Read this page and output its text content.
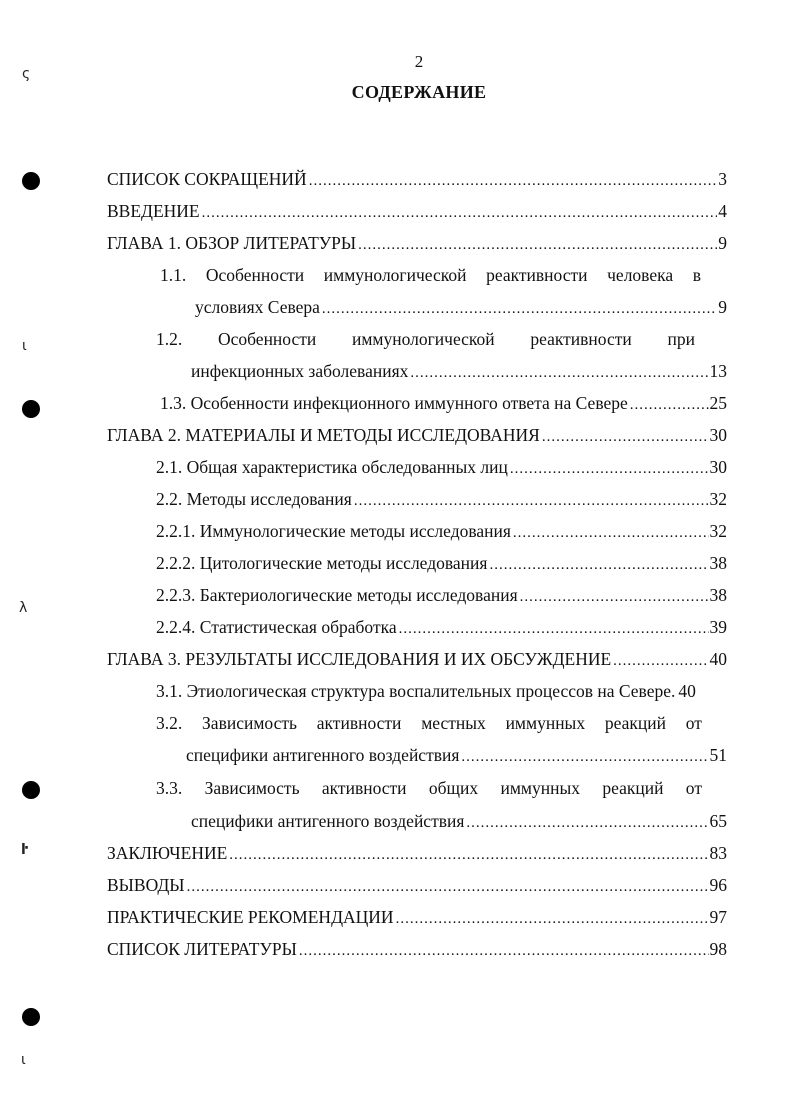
2
СОДЕРЖАНИЕ
СПИСОК СОКРАЩЕНИЙ .....	3
ВВЕДЕНИЕ .....	4
ГЛАВА 1. ОБЗОР ЛИТЕРАТУРЫ .....	9
1.1. Особенности иммунологической реактивности человека в
условиях Севера .....	9
1.2. Особенности иммунологической реактивности при
инфекционных заболеваниях .....	13
1.3. Особенности инфекционного иммунного ответа на Севере .....	25
ГЛАВА 2. МАТЕРИАЛЫ И МЕТОДЫ ИССЛЕДОВАНИЯ .....	30
2.1. Общая характеристика обследованных лиц .....	30
2.2. Методы исследования .....	32
2.2.1. Иммунологические методы исследования .....	32
2.2.2. Цитологические методы исследования .....	38
2.2.3. Бактериологические методы исследования .....	38
2.2.4. Статистическая обработка .....	39
ГЛАВА 3. РЕЗУЛЬТАТЫ ИССЛЕДОВАНИЯ И ИХ ОБСУЖДЕНИЕ .....	40
3.1. Этиологическая структура воспалительных процессов на Севере. 40
3.2. Зависимость активности местных иммунных реакций от
специфики антигенного воздействия .....	51
3.3. Зависимость активности общих иммунных реакций от
специфики антигенного воздействия .....	65
ЗАКЛЮЧЕНИЕ .....	83
ВЫВОДЫ .....	96
ПРАКТИЧЕСКИЕ РЕКОМЕНДАЦИИ .....	97
СПИСОК ЛИТЕРАТУРЫ .....	98
ς
ɩ
λ
ŀ
ɩ
